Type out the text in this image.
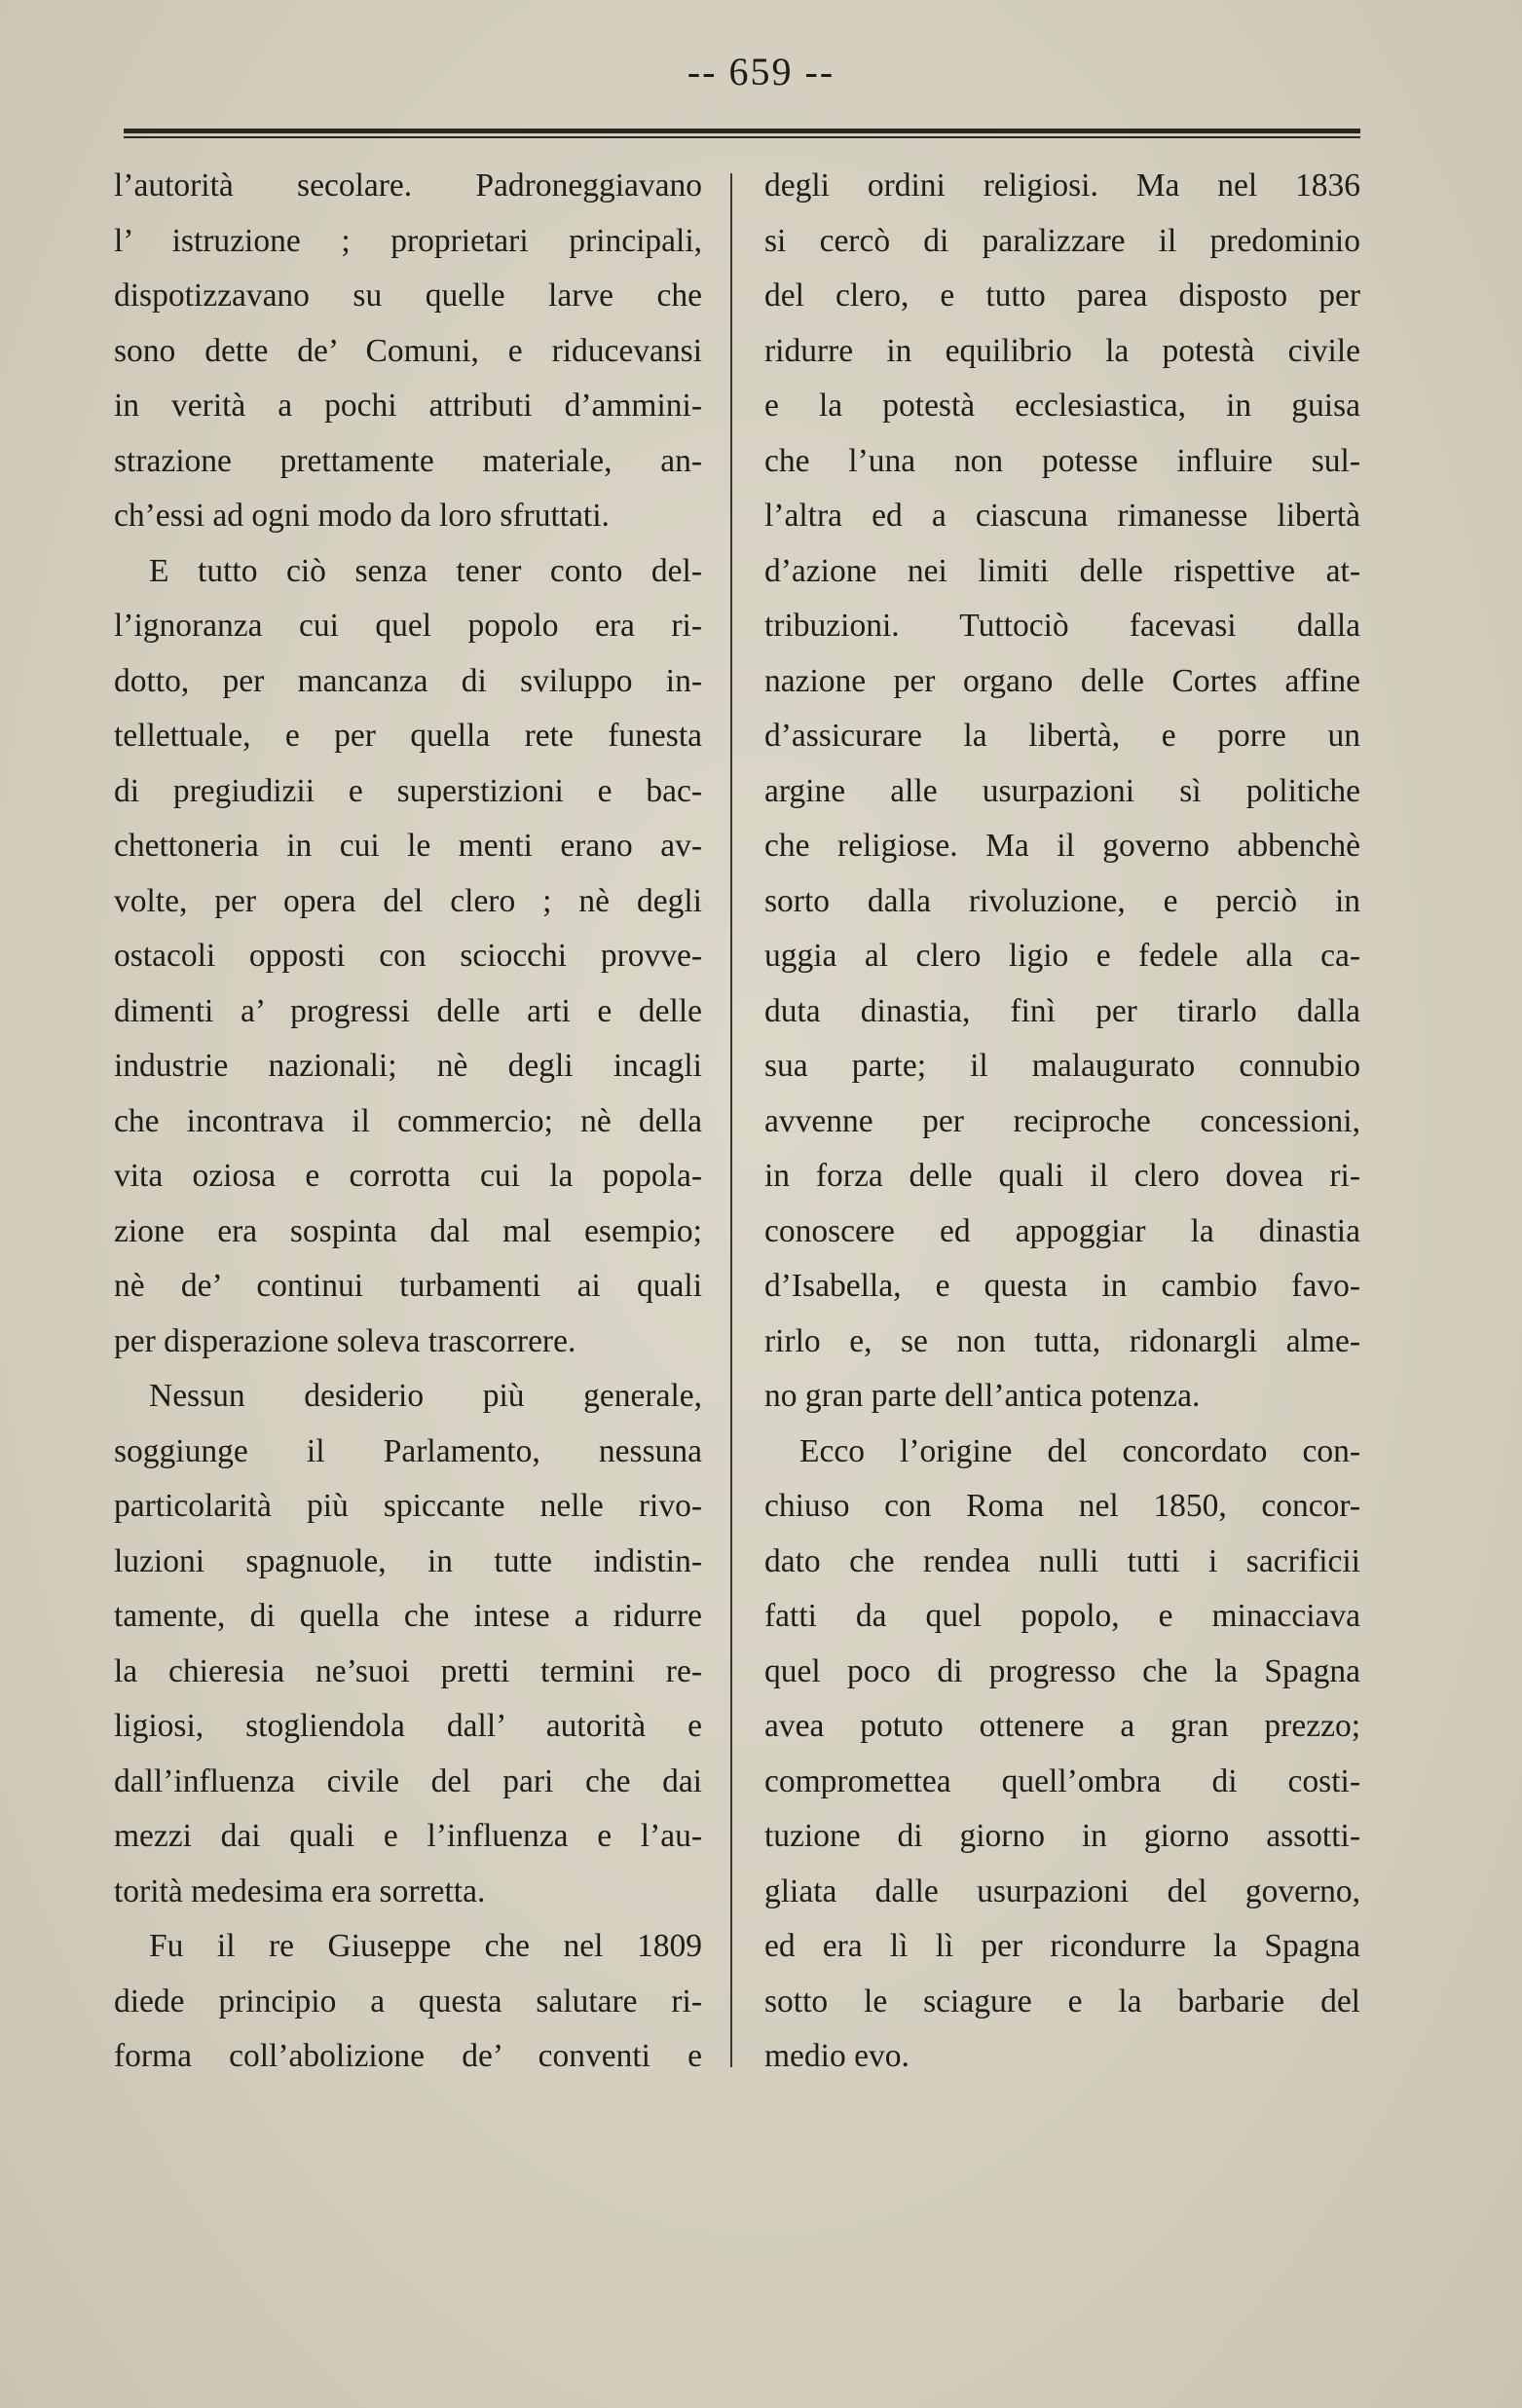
-- 659 --
l’autorità secolare. Padroneggiavano
l’ istruzione ; proprietari principali,
dispotizzavano su quelle larve che
sono dette de’ Comuni, e riducevansi
in verità a pochi attributi d’ammini-
strazione prettamente materiale, an-
ch’essi ad ogni modo da loro sfruttati.
E tutto ciò senza tener conto del-
l’ignoranza cui quel popolo era ri-
dotto, per mancanza di sviluppo in-
tellettuale, e per quella rete funesta
di pregiudizii e superstizioni e bac-
chettoneria in cui le menti erano av-
volte, per opera del clero ; nè degli
ostacoli opposti con sciocchi provve-
dimenti a’ progressi delle arti e delle
industrie nazionali; nè degli incagli
che incontrava il commercio; nè della
vita oziosa e corrotta cui la popola-
zione era sospinta dal mal esempio;
nè de’ continui turbamenti ai quali
per disperazione soleva trascorrere.
Nessun desiderio più generale,
soggiunge il Parlamento, nessuna
particolarità più spiccante nelle rivo-
luzioni spagnuole, in tutte indistin-
tamente, di quella che intese a ridurre
la chieresia ne’suoi pretti termini re-
ligiosi, stogliendola dall’ autorità e
dall’influenza civile del pari che dai
mezzi dai quali e l’influenza e l’au-
torità medesima era sorretta.
Fu il re Giuseppe che nel 1809
diede principio a questa salutare ri-
forma coll’abolizione de’ conventi e
degli ordini religiosi. Ma nel 1836
si cercò di paralizzare il predominio
del clero, e tutto parea disposto per
ridurre in equilibrio la potestà civile
e la potestà ecclesiastica, in guisa
che l’una non potesse influire sul-
l’altra ed a ciascuna rimanesse libertà
d’azione nei limiti delle rispettive at-
tribuzioni. Tuttociò facevasi dalla
nazione per organo delle Cortes affine
d’assicurare la libertà, e porre un
argine alle usurpazioni sì politiche
che religiose. Ma il governo abbenchè
sorto dalla rivoluzione, e perciò in
uggia al clero ligio e fedele alla ca-
duta dinastia, finì per tirarlo dalla
sua parte; il malaugurato connubio
avvenne per reciproche concessioni,
in forza delle quali il clero dovea ri-
conoscere ed appoggiar la dinastia
d’Isabella, e questa in cambio favo-
rirlo e, se non tutta, ridonargli almе-
no gran parte dell’antica potenza.
Ecco l’origine del concordato con-
chiuso con Roma nel 1850, concor-
dato che rendea nulli tutti i sacrificii
fatti da quel popolo, e minacciava
quel poco di progresso che la Spagna
avea potuto ottenere a gran prezzo;
compromettea quell’ombra di costi-
tuzione di giorno in giorno assotti-
gliata dalle usurpazioni del governo,
ed era lì lì per ricondurre la Spagna
sotto le sciagure e la barbarie del
medio evo.
